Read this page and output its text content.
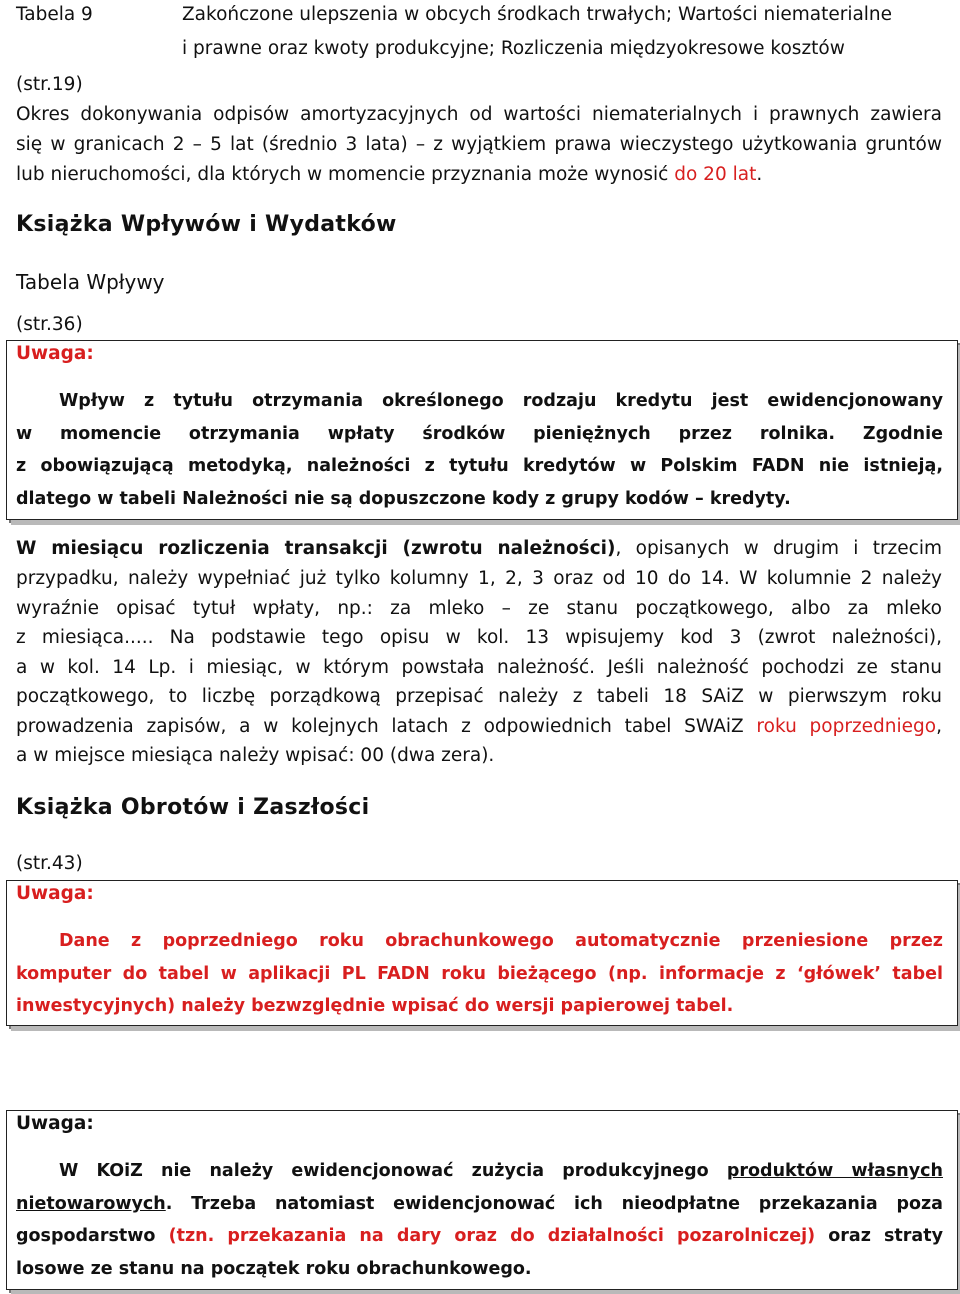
Tabela 9	Zakończone ulepszenia w obcych środkach trwałych; Wartości niematerialne
i prawne oraz kwoty produkcyjne; Rozliczenia międzyokresowe kosztów
(str.19)
Okres dokonywania odpisów amortyzacyjnych od wartości niematerialnych i prawnych zawiera
się w granicach 2 – 5 lat (średnio 3 lata) – z wyjątkiem prawa wieczystego użytkowania gruntów
lub nieruchomości, dla których w momencie przyznania może wynosić do 20 lat.
Książka Wpływów i Wydatków
Tabela Wpływy
(str.36)
Uwaga:
Wpływ z tytułu otrzymania określonego rodzaju kredytu jest ewidencjonowany
w momencie otrzymania wpłaty środków pieniężnych przez rolnika. Zgodnie
z obowiązującą metodyką, należności z tytułu kredytów w Polskim FADN nie istnieją,
dlatego w tabeli Należności nie są dopuszczone kody z grupy kodów – kredyty.
W miesiącu rozliczenia transakcji (zwrotu należności), opisanych w drugim i trzecim
przypadku, należy wypełniać już tylko kolumny 1, 2, 3 oraz od 10 do 14. W kolumnie 2 należy
wyraźnie opisać tytuł wpłaty, np.: za mleko – ze stanu początkowego, albo za mleko
z miesiąca..... Na podstawie tego opisu w kol. 13 wpisujemy kod 3 (zwrot należności),
a w kol. 14 Lp. i miesiąc, w którym powstała należność. Jeśli należność pochodzi ze stanu
początkowego, to liczbę porządkową przepisać należy z tabeli 18 SAiZ w pierwszym roku
prowadzenia zapisów, a w kolejnych latach z odpowiednich tabel SWAiZ roku poprzedniego,
a w miejsce miesiąca należy wpisać: 00 (dwa zera).
Książka Obrotów i Zaszłości
(str.43)
Uwaga:
Dane z poprzedniego roku obrachunkowego automatycznie przeniesione przez
komputer do tabel w aplikacji PL FADN roku bieżącego (np. informacje z ‘główek’ tabel
inwestycyjnych) należy bezwzględnie wpisać do wersji papierowej tabel.
Uwaga:
W KOiZ nie należy ewidencjonować zużycia produkcyjnego produktów własnych
nietowarowych. Trzeba natomiast ewidencjonować ich nieodpłatne przekazania poza
gospodarstwo (tzn. przekazania na dary oraz do działalności pozarolniczej) oraz straty
losowe ze stanu na początek roku obrachunkowego.
